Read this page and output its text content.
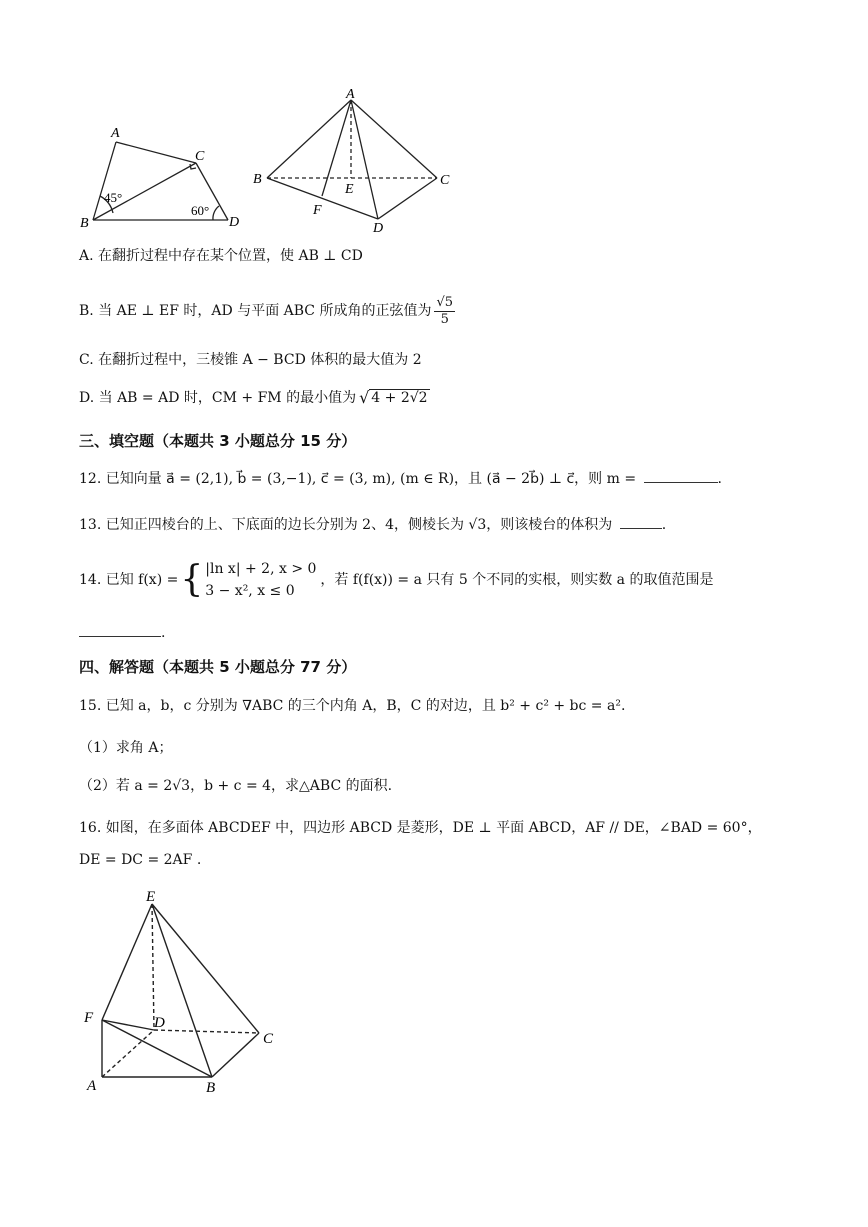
A
B
C
D
45°
60°
A
B	C
D
E
F
A. 在翻折过程中存在某个位置，使 AB ⊥ CD
B. 当 AE ⊥ EF 时，AD 与平面 ABC 所成角的正弦值为 $\frac{√5}{5}$
C. 在翻折过程中，三棱锥 A − BCD 体积的最大值为 2
D. 当 AB = AD 时，CM + FM 的最小值为 √ 4 + 2√2
三、填空题（本题共 3 小题总分 15 分）
12. 已知向量 a⃗ = (2,1), b⃗ = (3,−1), c⃗ = (3, m), (m ∈ R)，且 (a⃗ − 2b⃗) ⊥ c⃗，则 m =	.
13. 已知正四棱台的上、下底面的边长分别为 2、4，侧棱长为 √3，则该棱台的体积为	.
14. 已知 f(x) = { |ln x| + 2, x > 0
3 − x², x ≤ 0
，若 f(f(x)) = a 只有 5 个不同的实根，则实数 a 的取值范围是
.
四、解答题（本题共 5 小题总分 77 分）
15. 已知 a，b，c 分别为 ∇ABC 的三个内角 A，B，C 的对边，且 b² + c² + bc = a².
（1）求角 A；
（2）若 a = 2√3，b + c = 4，求△ABC 的面积.
16. 如图，在多面体 ABCDEF 中，四边形 ABCD 是菱形，DE ⊥ 平面 ABCD，AF // DE，∠BAD = 60°，
DE = DC = 2AF .
E
F	D
C
A	B
